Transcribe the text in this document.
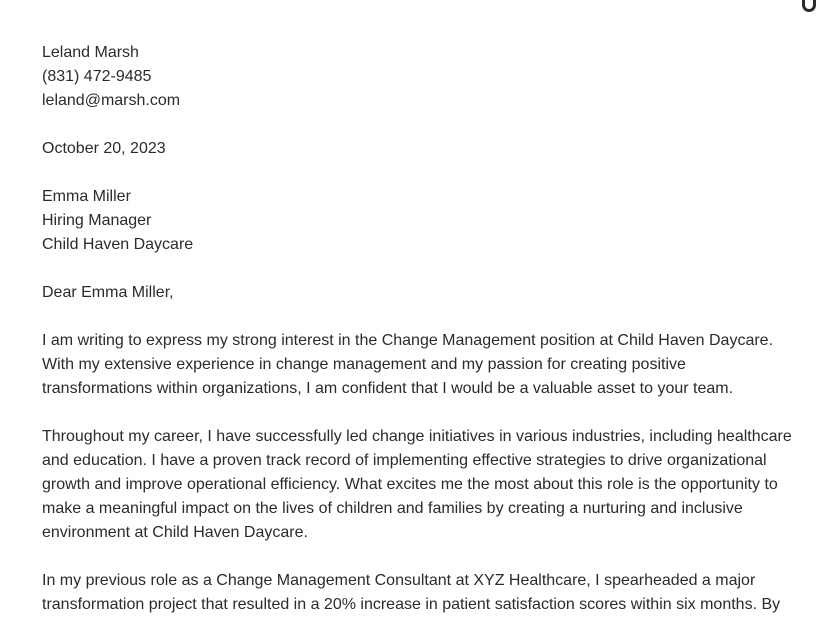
Leland Marsh
(831) 472-9485
leland@marsh.com
October 20, 2023
Emma Miller
Hiring Manager
Child Haven Daycare
Dear Emma Miller,
I am writing to express my strong interest in the Change Management position at Child Haven Daycare.
With my extensive experience in change management and my passion for creating positive
transformations within organizations, I am confident that I would be a valuable asset to your team.
Throughout my career, I have successfully led change initiatives in various industries, including healthcare
and education. I have a proven track record of implementing effective strategies to drive organizational
growth and improve operational efficiency. What excites me the most about this role is the opportunity to
make a meaningful impact on the lives of children and families by creating a nurturing and inclusive
environment at Child Haven Daycare.
In my previous role as a Change Management Consultant at XYZ Healthcare, I spearheaded a major
transformation project that resulted in a 20% increase in patient satisfaction scores within six months. By
